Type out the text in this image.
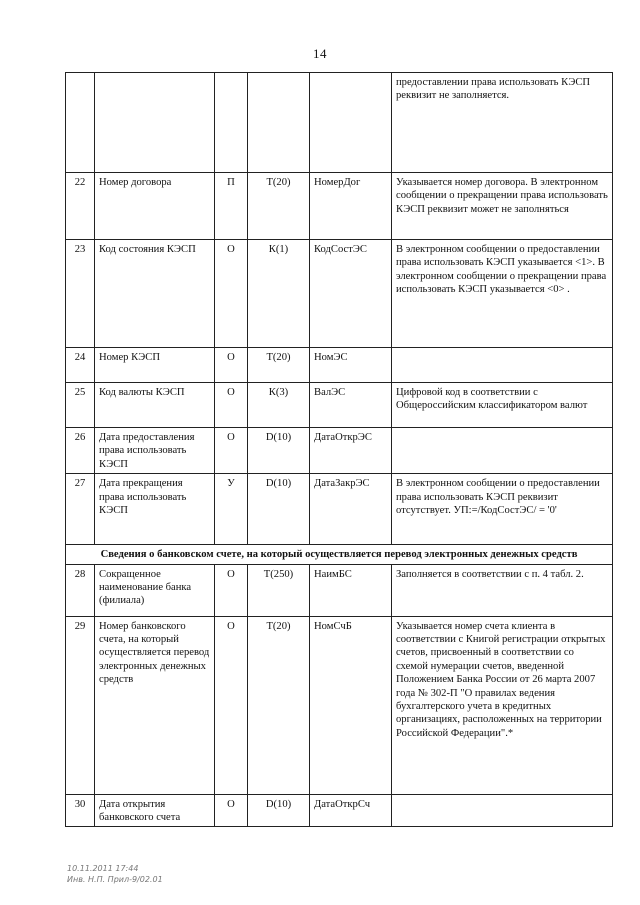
14
					предоставлении права использовать КЭСП реквизит не заполняется.
22	Номер договора	П	T(20)	НомерДог	Указывается номер договора. В электронном сообщении о прекращении права использовать КЭСП реквизит может не заполняться
23	Код состояния КЭСП	О	К(1)	КодСостЭС	В электронном сообщении о предоставлении права использовать КЭСП указывается <1>. В электронном сообщении о прекращении права использовать КЭСП указывается <0> .
24	Номер КЭСП	О	T(20)	НомЭС	
25	Код валюты КЭСП	О	К(3)	ВалЭС	Цифровой код в соответствии с Общероссийским классификатором валют
26	Дата предоставления права использовать КЭСП	О	D(10)	ДатаОткрЭС	
27	Дата прекращения права использовать КЭСП	У	D(10)	ДатаЗакрЭС	В электронном сообщении о предоставлении права использовать КЭСП реквизит отсутствует. УП:=/КодСостЭС/ = '0'
Сведения о банковском счете, на который осуществляется перевод электронных денежных средств					
28	Сокращенное наименование банка (филиала)	О	T(250)	НаимБС	Заполняется в соответствии с п. 4 табл. 2.
29	Номер банковского счета, на который осуществляется перевод электронных денежных средств	О	T(20)	НомСчБ	Указывается номер счета клиента в соответствии с Книгой регистрации открытых счетов, присвоенный в соответствии со схемой нумерации счетов, введенной Положением Банка России от 26 марта 2007 года № 302-П "О правилах ведения бухгалтерского учета в кредитных организациях, расположенных на территории Российской Федерации".*
30	Дата открытия банковского счета	О	D(10)	ДатаОткрСч	
10.11.2011 17:44
Инв. Н.П. Прил-9/02.01
